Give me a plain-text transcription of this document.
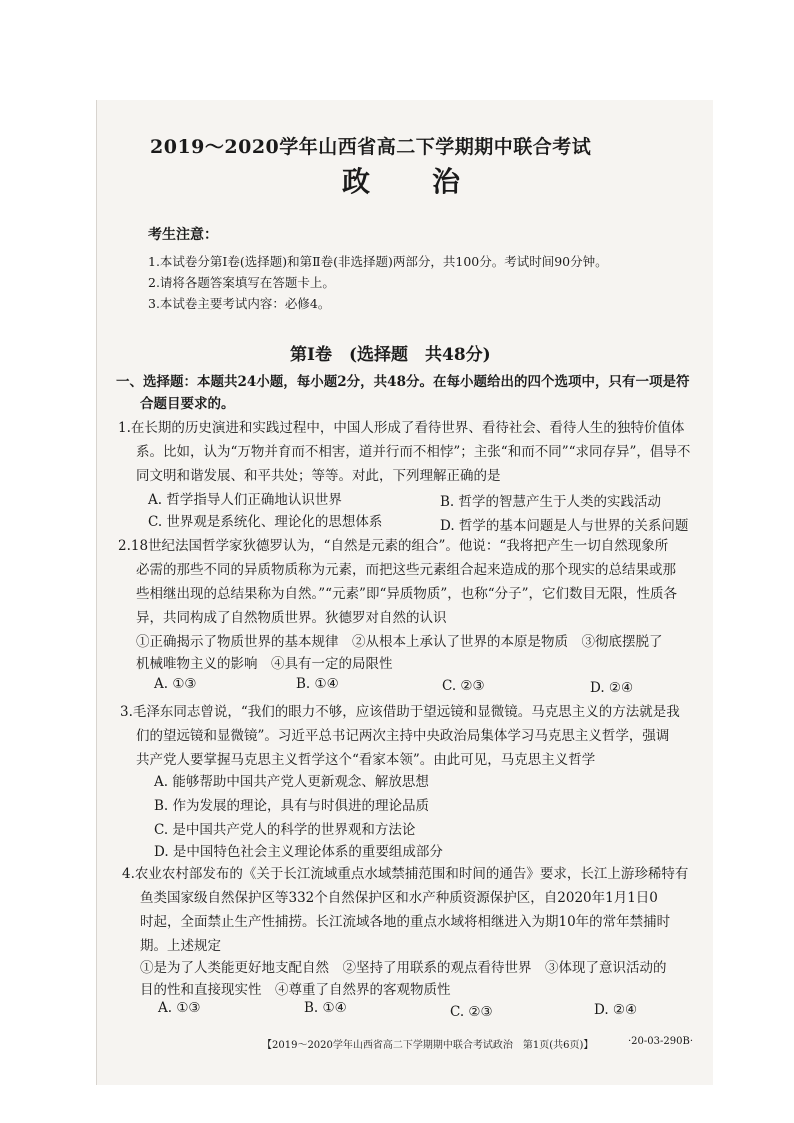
2019～2020学年山西省高二下学期期中联合考试
政　　治
考生注意：
1.本试卷分第Ⅰ卷(选择题)和第Ⅱ卷(非选择题)两部分，共100分。考试时间90分钟。
2.请将各题答案填写在答题卡上。
3.本试卷主要考试内容：必修4。
第Ⅰ卷　(选择题　共48分)
一、选择题：本题共24小题，每小题2分，共48分。在每小题给出的四个选项中，只有一项是符
合题目要求的。
1.在长期的历史演进和实践过程中，中国人形成了看待世界、看待社会、看待人生的独特价值体
系。比如，认为“万物并育而不相害，道并行而不相悖”；主张“和而不同”“求同存异”，倡导不
同文明和谐发展、和平共处；等等。对此，下列理解正确的是
A. 哲学指导人们正确地认识世界	B. 哲学的智慧产生于人类的实践活动
C. 世界观是系统化、理论化的思想体系	D. 哲学的基本问题是人与世界的关系问题
2.18世纪法国哲学家狄德罗认为，“自然是元素的组合”。他说：“我将把产生一切自然现象所
必需的那些不同的异质物质称为元素，而把这些元素组合起来造成的那个现实的总结果或那
些相继出现的总结果称为自然。”“元素”即“异质物质”，也称“分子”，它们数目无限，性质各
异，共同构成了自然物质世界。狄德罗对自然的认识
①正确揭示了物质世界的基本规律　②从根本上承认了世界的本原是物质　③彻底摆脱了
机械唯物主义的影响　④具有一定的局限性
A. ①③	B. ①④	C. ②③	D. ②④
3.毛泽东同志曾说，“我们的眼力不够，应该借助于望远镜和显微镜。马克思主义的方法就是我
们的望远镜和显微镜”。习近平总书记两次主持中央政治局集体学习马克思主义哲学，强调
共产党人要掌握马克思主义哲学这个“看家本领”。由此可见，马克思主义哲学
A. 能够帮助中国共产党人更新观念、解放思想
B. 作为发展的理论，具有与时俱进的理论品质
C. 是中国共产党人的科学的世界观和方法论
D. 是中国特色社会主义理论体系的重要组成部分
4.农业农村部发布的《关于长江流域重点水域禁捕范围和时间的通告》要求，长江上游珍稀特有
鱼类国家级自然保护区等332个自然保护区和水产种质资源保护区，自2020年1月1日0
时起，全面禁止生产性捕捞。长江流域各地的重点水域将相继进入为期10年的常年禁捕时
期。上述规定
①是为了人类能更好地支配自然　②坚持了用联系的观点看待世界　③体现了意识活动的
目的性和直接现实性　④尊重了自然界的客观物质性
A. ①③	B. ①④	C. ②③	D. ②④
【2019～2020学年山西省高二下学期期中联合考试政治　第1页(共6页)】	·20-03-290B·
